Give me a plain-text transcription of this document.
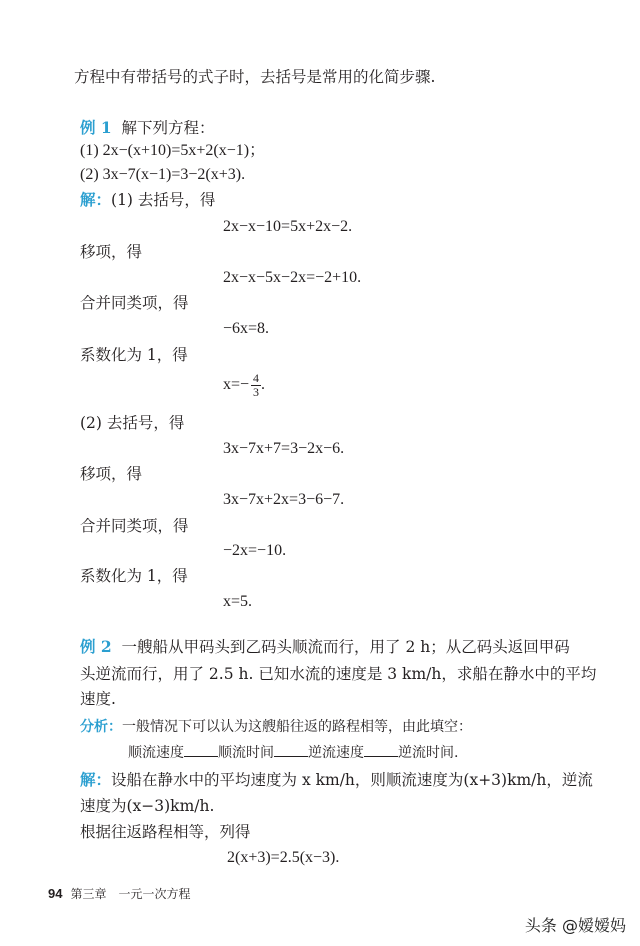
方程中有带括号的式子时，去括号是常用的化简步骤.
例 1 解下列方程：
(1) 2x−(x+10)=5x+2(x−1)；
(2) 3x−7(x−1)=3−2(x+3).
解：(1) 去括号，得
2x−x−10=5x+2x−2.
移项，得
2x−x−5x−2x=−2+10.
合并同类项，得
−6x=8.
系数化为 1，得
$x=- \frac{4}{3}$ .
(2) 去括号，得
3x−7x+7=3−2x−6.
移项，得
3x−7x+2x=3−6−7.
合并同类项，得
−2x=−10.
系数化为 1，得
x=5.
例 2 一艘船从甲码头到乙码头顺流而行，用了 2 h；从乙码头返回甲码
头逆流而行，用了 2.5 h. 已知水流的速度是 3 km/h，求船在静水中的平均
速度.
分析：一般情况下可以认为这艘船往返的路程相等，由此填空：
顺流速度 顺流时间 逆流速度 逆流时间.
解：设船在静水中的平均速度为 x km/h，则顺流速度为(x+3)km/h，逆流
速度为(x−3)km/h.
根据往返路程相等，列得
2(x+3)=2.5(x−3).
94 第三章　一元一次方程
头条 @嫒嫒妈
